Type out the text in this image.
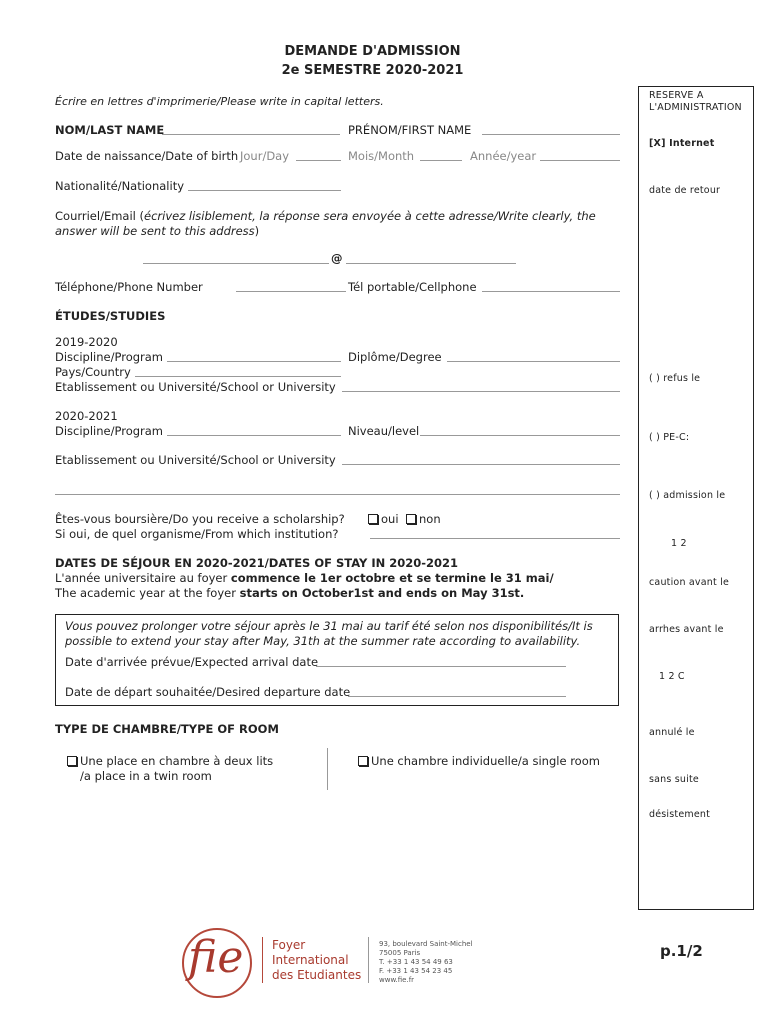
DEMANDE D'ADMISSION
2e SEMESTRE 2020-2021
Écrire en lettres d'imprimerie/Please write in capital letters.
NOM/LAST NAME	PRÉNOM/FIRST NAME
Date de naissance/Date of birth Jour/Day	Mois/Month	Année/year
Nationalité/Nationality
Courriel/Email (écrivez lisiblement, la réponse sera envoyée à cette adresse/Write clearly, the
answer will be sent to this address)
@
Téléphone/Phone Number	Tél portable/Cellphone
ÉTUDES/STUDIES
2019-2020
Discipline/Program	Diplôme/Degree
Pays/Country
Etablissement ou Université/School or University
2020-2021
Discipline/Program	Niveau/level
Etablissement ou Université/School or University
Êtes-vous boursière/Do you receive a scholarship?	oui	non
Si oui, de quel organisme/From which institution?
DATES DE SÉJOUR EN 2020-2021/DATES OF STAY IN 2020-2021
L'année universitaire au foyer commence le 1er octobre et se termine le 31 mai/
The academic year at the foyer starts on October1st and ends on May 31st.
Vous pouvez prolonger votre séjour après le 31 mai au tarif été selon nos disponibilités/It is
possible to extend your stay after May, 31th at the summer rate according to availability.
Date d'arrivée prévue/Expected arrival date
Date de départ souhaitée/Desired departure date
TYPE DE CHAMBRE/TYPE OF ROOM
Une place en chambre à deux lits
/a place in a twin room
Une chambre individuelle/a single room
RESERVE A
L'ADMINISTRATION
[X] Internet
date de retour
( ) refus le
( ) PE-C:
( ) admission le
1 2
caution avant le
arrhes avant le
1 2 C
annulé le
sans suite
désistement
fie Foyer
International
des Etudiantes
93, boulevard Saint-Michel
75005 Paris
T. +33 1 43 54 49 63
F. +33 1 43 54 23 45
www.fie.fr
p.1/2
